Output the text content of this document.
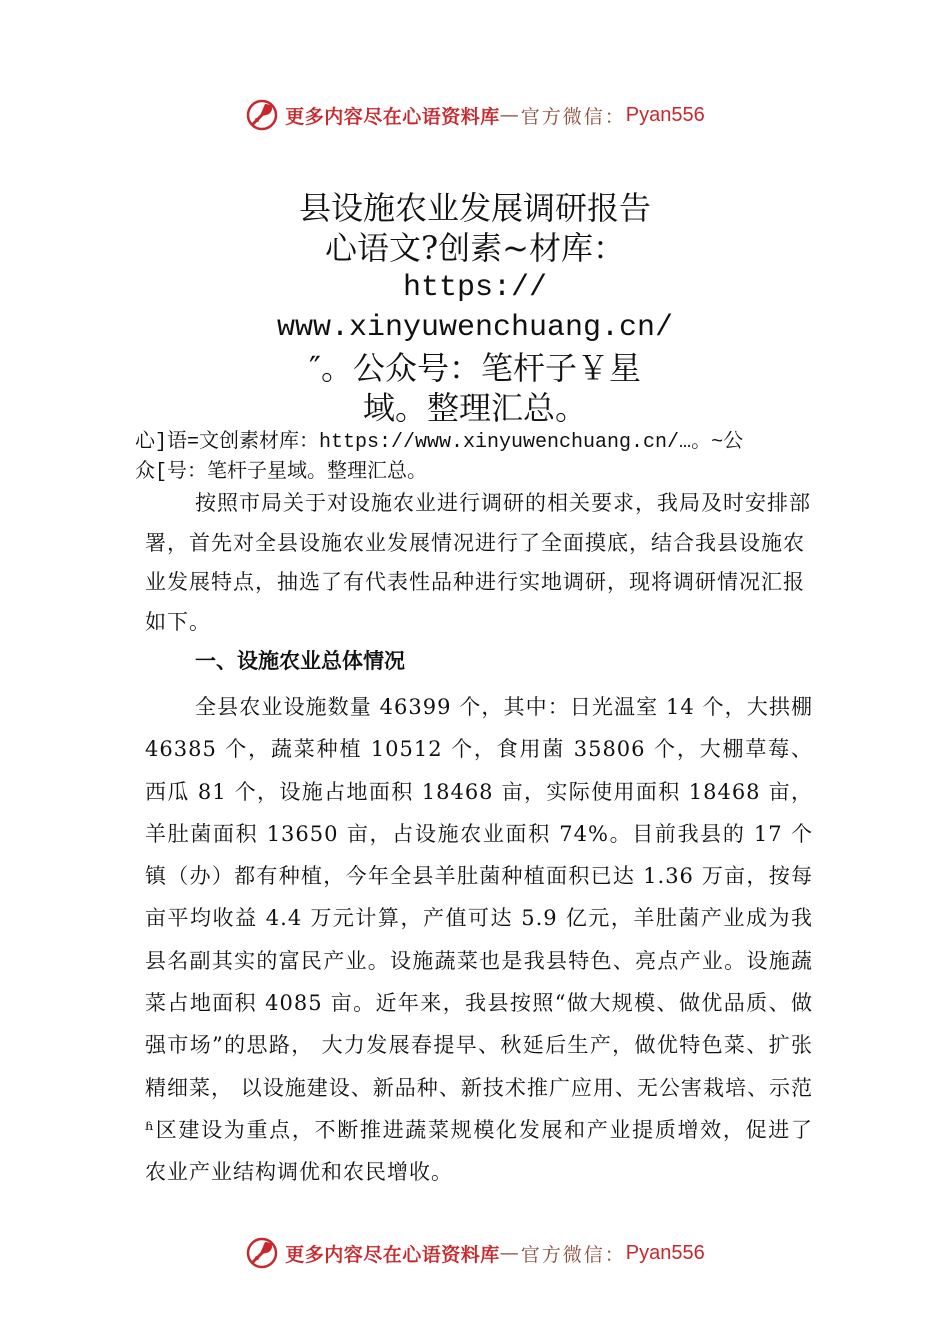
更多内容尽在心语资料库 — 官方微信： Pyan556
县设施农业发展调研报告
心语文?创素~材库：
https://
www.xinyuwenchuang.cn/
″。公众号：笔杆子￥星
域。整理汇总。
心]语=文创素材库：https://www.xinyuwenchuang.cn/…。~公
众[号：笔杆子星域。整理汇总。
按照市局关于对设施农业进行调研的相关要求，我局及时安排部署，首先对全县设施农业发展情况进行了全面摸底，结合我县设施农业发展特点，抽选了有代表性品种进行实地调研，现将调研情况汇报如下。
一、设施农业总体情况
全县农业设施数量 46399 个，其中：日光温室 14 个，大拱棚 46385 个，蔬菜种植 10512 个，食用菌 35806 个，大棚草莓、西瓜 81 个，设施占地面积 18468 亩，实际使用面积 18468 亩，羊肚菌面积 13650 亩，占设施农业面积 74%。目前我县的 17 个镇（办）都有种植，今年全县羊肚菌种植面积已达 1.36 万亩，按每亩平均收益 4.4 万元计算，产值可达 5.9 亿元，羊肚菌产业成为我县名副其实的富民产业。设施蔬菜也是我县特色、亮点产业。设施蔬菜占地面积 4085 亩。近年来，我县按照“做大规模、做优品质、做强市场”的思路， 大力发展春提早、秋延后生产，做优特色菜、扩张精细菜， 以设施建设、新品种、新技术推广应用、无公害栽培、示范ʱ区建设为重点，不断推进蔬菜规模化发展和产业提质增效，促进了农业产业结构调优和农民增收。
更多内容尽在心语资料库 — 官方微信： Pyan556
